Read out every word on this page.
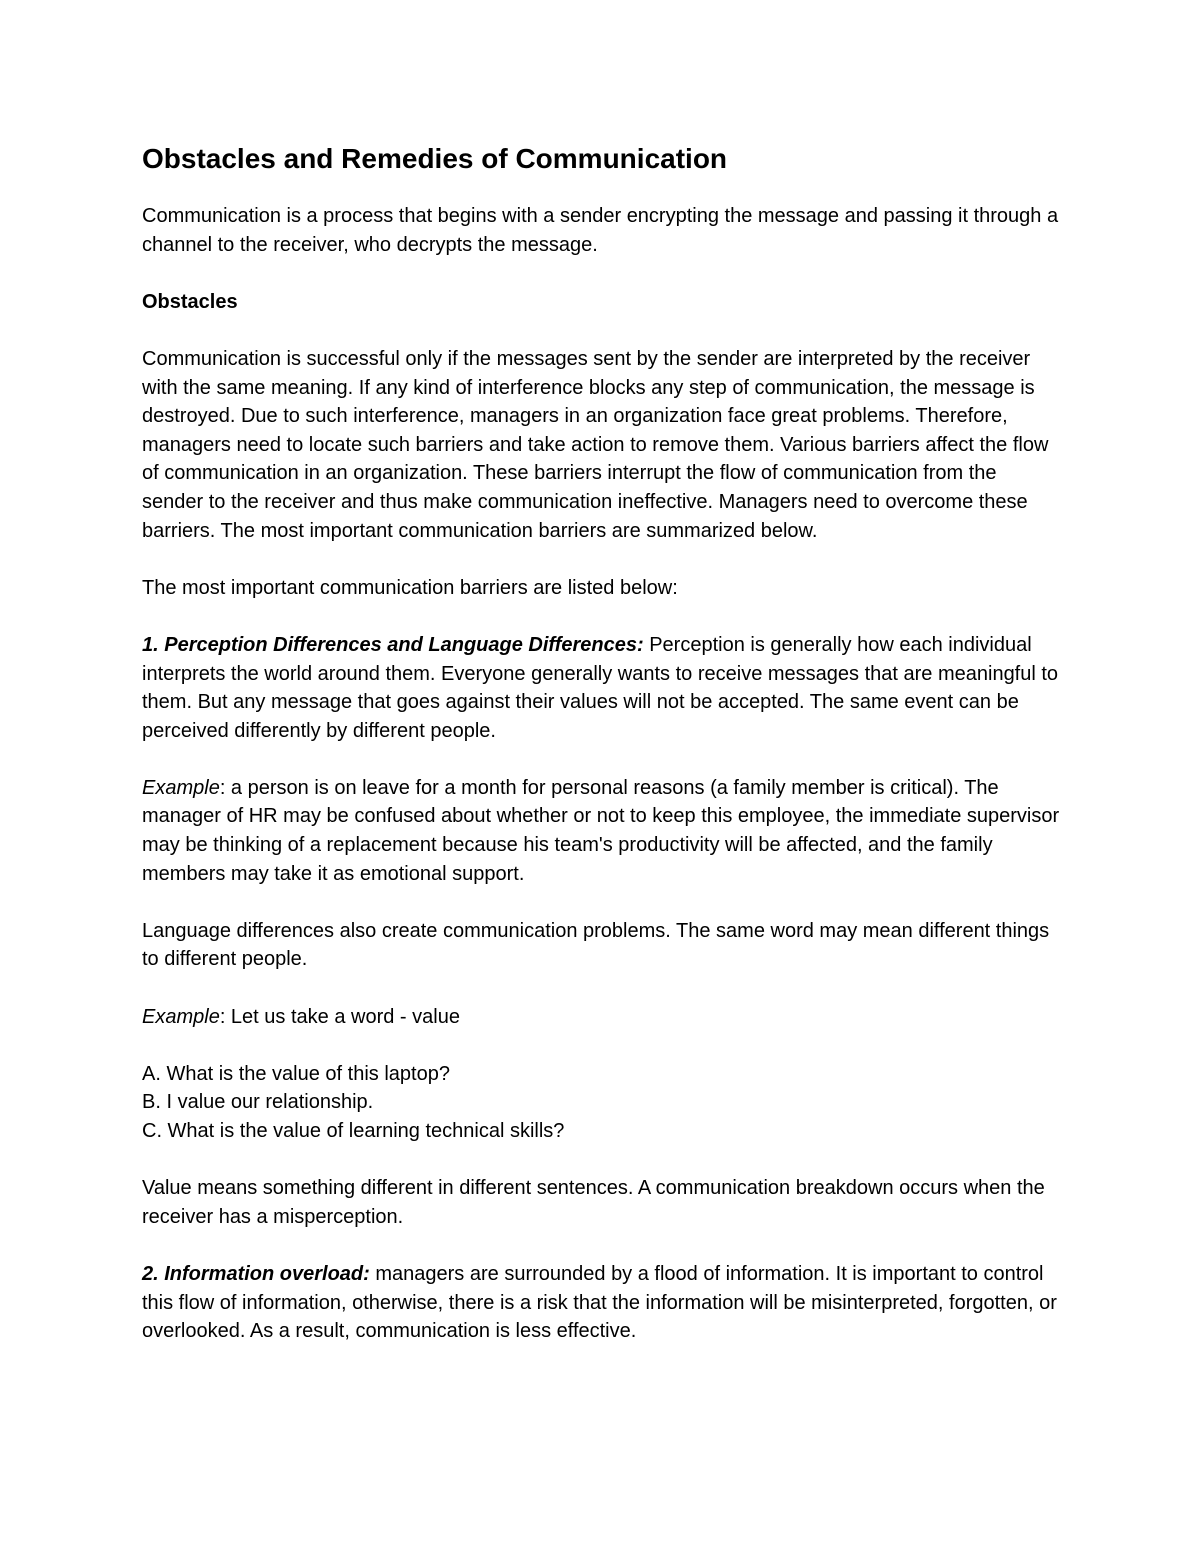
Obstacles and Remedies of Communication

Communication is a process that begins with a sender encrypting the message and passing it through a channel to the receiver, who decrypts the message.

Obstacles

Communication is successful only if the messages sent by the sender are interpreted by the receiver with the same meaning. If any kind of interference blocks any step of communication, the message is destroyed. Due to such interference, managers in an organization face great problems. Therefore, managers need to locate such barriers and take action to remove them. Various barriers affect the flow of communication in an organization. These barriers interrupt the flow of communication from the sender to the receiver and thus make communication ineffective. Managers need to overcome these barriers. The most important communication barriers are summarized below.

The most important communication barriers are listed below:

1. Perception Differences and Language Differences: Perception is generally how each individual interprets the world around them. Everyone generally wants to receive messages that are meaningful to them. But any message that goes against their values will not be accepted. The same event can be perceived differently by different people.

Example: a person is on leave for a month for personal reasons (a family member is critical). The manager of HR may be confused about whether or not to keep this employee, the immediate supervisor may be thinking of a replacement because his team's productivity will be affected, and the family members may take it as emotional support.

Language differences also create communication problems. The same word may mean different things to different people.

Example: Let us take a word - value

A. What is the value of this laptop?
B. I value our relationship.
C. What is the value of learning technical skills?

Value means something different in different sentences. A communication breakdown occurs when the receiver has a misperception.

2. Information overload: managers are surrounded by a flood of information. It is important to control this flow of information, otherwise, there is a risk that the information will be misinterpreted, forgotten, or overlooked. As a result, communication is less effective.
